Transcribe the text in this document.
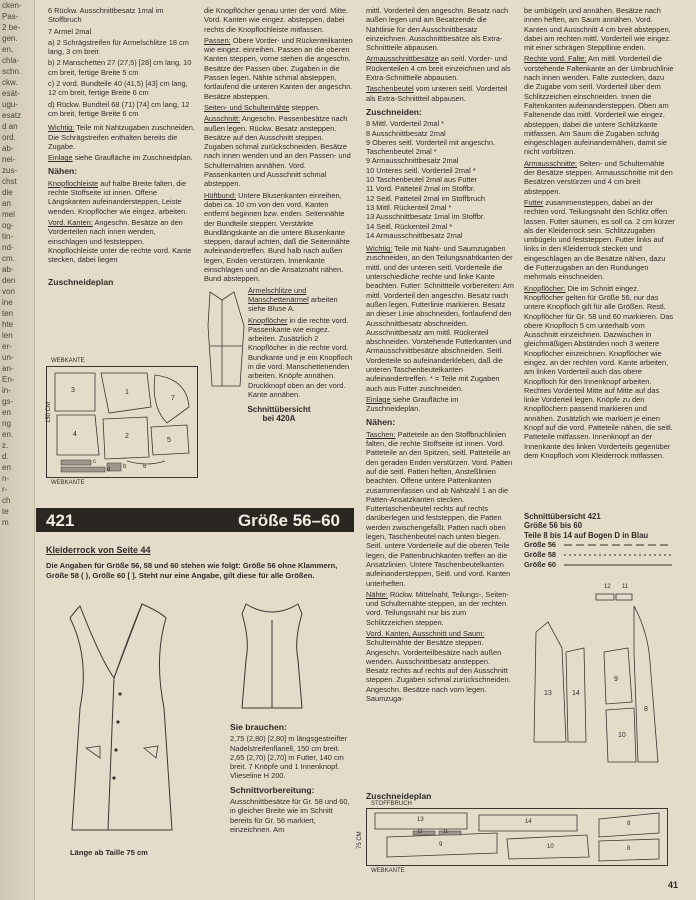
cken-
Pas-
2 be-
gen.
en,
chla-
schn.
ckw.
esät-
ugu-
esatz
d an
ord.
ab-
nei-
zus-
chst
die
an
mel
og-
tin-
nd-
cm.
ab-
den
von
ine
ten
hte
len
er-
un-
an-
En-
in-
gs-
en
ng
en.
z.
d.
en
n-
r-
ch
te
m

6 Rückw. Ausschnittbesatz 1mal im Stoffbruch

7 Armel 2mal

a) 2 Schrägstreifen für Armelschlitze 18 cm lang, 3 cm breit

b) 2 Manschetten 27 (27,5) [28] cm lang, 10 cm breit, fertige Breite 5 cm

c) 2 vord. Bundteile 40 (41,5) [43] cm lang, 12 cm breit, fertige Breite 6 cm

d) Rückw. Bundteil 68 (71) [74] cm lang, 12 cm breit, fertige Breite 6 cm

Wichtig: Teile mit Nahtzugaben zuschneiden. Die Schrägstreifen enthalten bereits die Zugabe.

Einlage siehe Graufläche im Zuschneidplan.

Nähen:

Knopflochleiste auf halbe Breite falten, die rechte Stoffseite ist innen. Offene Längskanten aufeinandersteppen, Leiste wenden. Knopflöcher wie eingez. arbeiten.

Vord. Kanten: Angeschn. Besätze an den Vorderteilen nach innen wenden, einschlagen und feststeppen. Knopflochleiste unter die rechte vord. Kante stecken, dabei liegen

Zuschneideplan
WEBKANTE
WEBKANTE
150 CM
3
4
1
2
7
5
6
c
d b

die Knopflöcher genau unter der vord. Mitte. Vord. Kanten wie eingez. absteppen, dabei rechts die Knopflochleiste mitfassen.

Passen: Obere Vorder- und Rückenteilkanten wie eingez. einreihen. Passen an die oberen Kanten steppen, vorne stehen die angeschn. Besätze der Passen über. Zugaben in die Passen legen. Nähte schmal absteppen, fortlaufend die unteren Kanten der angeschn. Besätze absteppen.

Seiten- und Schulternähte steppen.

Ausschnitt: Angeschn. Passenbesätze nach außen legen. Rückw. Besatz ansteppen. Besätze auf den Ausschnitt steppen. Zugaben schmal zurückschneiden. Besätze nach innen wenden und an den Passen- und Schulternähten annähen. Vord. Passenkanten und Ausschnitt schmal absteppen.

Hüftbund: Untere Blusenkanten einreihen, dabei ca. 10 cm von den vord. Kanten entfernt beginnen bzw. enden. Seitennähte der Bundteile steppen. Verstärkte Bundlängskante an die untere Blusenkante steppen, darauf achten, daß die Seitennähte aufeinandertreffen. Bund halb nach außen legen, Enden verstürzen. Innenkante einschlagen und an die Ansatznaht nähen. Bund absteppen.

Ärmelschlitze und Manschettenärmel arbeiten siehe Bluse A.

Knopflöcher in die rechte vord. Passenkante wie eingez. arbeiten. Zusätzlich 2 Knopflöcher in die rechte vord. Bundkante und je ein Knopfloch in die vord. Manschettenenden arbeiten. Knöpfe annähen. Druckknopf oben an der vord. Kante annähen.

Schnittübersicht
bei 420A
421	Größe 56–60
Kleiderrock von Seite 44

Die Angaben für Größe 56, 58 und 60 stehen wie folgt: Größe 56 ohne Klammern, Größe 58 ( ), Größe 60 [ ]. Steht nur eine Angabe, gilt diese für alle Größen.

Länge ab Taille 75 cm
Sie brauchen:

2,75 (2,80) [2,80] m längsgestreifter Nadelstreifenflanell, 150 cm breit. 2,65 (2,70) [2,70] m Futter, 140 cm breit. 7 Knöpfe und 1 Innenknopf. Vlieseline H 200.

Schnittvorbereitung:

Ausschnittbesätze für Gr. 58 und 60, in gleicher Breite wie im Schnitt bereits für Gr. 56 markiert, einzeichnen. Am

mittl. Vorderteil den angeschn. Besatz nach außen legen und am Besatzende die Nahtlinie für den Ausschnittbesatz einzeichnen. Ausschnittbesätze als Extra-Schnittteile abpausen.

Armausschnittbesätze an seitl. Vorder- und Rückenteilen 4 cm breit einzeichnen und als Extra-Schnittteile abpausen.

Taschenbeutel vom unteren seitl. Vorderteil als Extra-Schnittteil abpausen.

Zuschneiden:

8 Mittl. Vorderteil 2mal *

8 Ausschnittbesatz 2mal

9 Oberes seitl. Vorderteil mit angeschn. Taschenbeutel 2mal *

9 Armausschnittbesatz 2mal

10 Unteres seitl. Vorderteil 2mal *

10 Taschenbeutel 2mal aus Futter

11 Vord. Patteteil 2mal im Stoffbr.

12 Seitl. Patteteil 2mal im Stoffbruch

13 Mittl. Rückenteil 2mal *

13 Ausschnittbesatz 1mal im Stoffbr.

14 Seitl. Rückenteil 2mal *

14 Armausschnittbesatz 2mal

Wichtig: Teile mit Naht- und Saumzugaben zuschneiden, an den Teilungsnahtkanten der mittl. und der unteren seitl. Vorderteile die unterschiedliche rechte und linke Kante beachten. Futter: Schnittteile vorbereiten: Am mittl. Vorderteil den angeschn. Besatz nach außen legen, Futterlinie markieren. Besatz an dieser Linie abschneiden, fortlaufend den Ausschnittbesatz abschneiden. Ausschnittbesatz am mittl. Rückenteil abschneiden. Vorstehende Futterkanten und Armausschnittbesätze abschneiden. Seitl. Vorderteile so aufeinanderkleben, daß die unteren Taschenbeutelkanten aufeinandertreffen. * = Teile mit Zugaben auch aus Futter zuschneiden.

Einlage siehe Graufläche im Zuschneideplan.

Nähen:

Taschen: Patteteile an den Stoffbruchlinien falten, die rechte Stoffseite ist innen. Vord. Patteteile an den Spitzen, seitl. Patteteile an den geraden Enden verstürzen. Vord. Patten auf die seitl. Patten heften, Ansteßlinien beachten. Offene untere Pattenkanten zusammenfassen und ab Nahtzahl 1 an die Patten-Ansatzkanten stecken. Futtertaschenbeutel rechts auf rechts darüberlegen und feststeppen, die Patten werden zwischengefaßt. Patten nach oben legen, Taschenbeutel nach unten biegen. Seitl. untere Vorderteile auf die oberen Teile legen, die Pattenbruchkanten treffen an die Ansatzlinien. Untere Taschenbeutelkanten aufeinandersteppen, Seitl. und vord. Kanten unterheften.

Nähte: Rückw. Mittelnaht, Teilungs-, Seiten- und Schulternähte steppen, an der rechten vord. Teilungsnaht nur bis zum Schlitzzeichen steppen.

Vord. Kanten, Ausschnitt und Saum: Schulternähte der Besätze steppen. Angeschn. Vorderteilbesätze nach außen wenden. Ausschnittbesatz ansteppen. Besatz rechts auf rechts auf den Ausschnitt steppen. Zugaben schmal zurückschneiden. Angeschn. Besätze nach vorn legen. Saumzuga-

Zuschneideplan
STOFFBRUCH
WEBKANTE
75 CM
13	14
12	11
9	10
8
8

be umbügeln und annähen. Besätze nach innen heften, am Saum annähen. Vord. Kanten und Ausschnitt 4 cm breit absteppen, dabei am rechten mittl. Vorderteil wie eingez. mit einer schrägen Steppllinie enden.

Rechte vord. Falte: Am mittl. Vorderteil die vorstehende Faltenkante an der Umbruchlinie nach innen wenden. Falte zustecken, dazu die Zugabe vom seitl. Vorderteil über dem Schlitzzeichen einschneiden. Innen die Faltenkanten aufeinandersteppen. Oben am Faltenende das mittl. Vorderteil wie eingez. absteppen, dabei die untere Schlitzkante mitfassen. Am Saum die Zugaben schräg eingeschlagen aufeinandernähen, damit sie nicht vorblitzen.

Armausschnitte: Seiten- und Schulternähte der Besätze steppen. Armausschnitte mit den Besätzen verstürzen und 4 cm breit absteppen.

Futter zusammensteppen, dabei an der rechten vord. Teilungsnaht den Schlitz offen lassen. Futter säumen, es soll ca. 2 cm kürzer als der Kleiderrock sein. Schlitzzugaben umbügeln und feststeppen. Futter links auf links in den Kleiderrock stecken und eingeschlagen an die Besätze nähen, dazu die Futterzugaben an den Rundungen mehrmals einschneiden.

Knopflöcher: Die im Schnitt eingez. Knopflöcher gelten für Größe 56, nur das untere Knopfloch gilt für alle Größen. Restl. Knopflöcher für Gr. 58 und 60 markieren. Das obere Knopfloch 5 cm unterhalb vom Ausschnitt einzeichnen. Dazwischen in gleichmäßigen Abständen noch 3 weitere Knopflöcher einzeichnen. Knopflöcher wie eingez. an der rechten vord. Kante arbeiten, am linken Vorderteil auch das obere Knopfloch für den Innenknopf arbeiten. Rechtes Vorderteil Mitte auf Mitte auf das linke Vorderteil legen. Knöpfe zu den Knopflöchern passend markieren und annähen. Zusätzlich wie markiert je einen Knopf auf die vord. Patteteile nähen, die seitl. Patteteile mitfassen. Innenknopf an der Innenkante des linken Vorderteils gegenüber dem Knopfloch vom Kleiderrock mitfassen.

Schnittübersicht 421
Größe 56 bis 60
Teile 8 bis 14 auf Bogen D in Blau
Größe 56
Größe 58
Größe 60
12 11
13	14
10
8
9
41
